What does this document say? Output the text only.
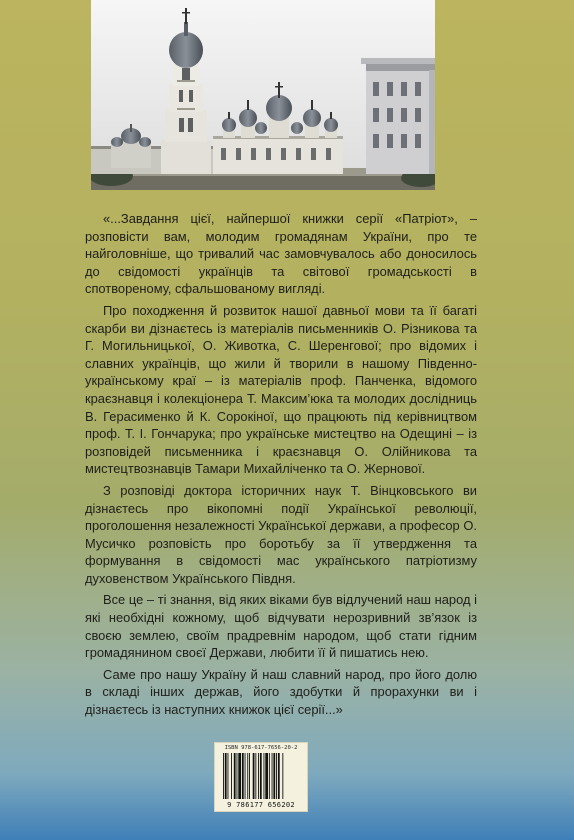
«...Завдання цієї, найпершої книжки серії «Патріот», – розповісти вам, молодим громадянам України, про те найголовніше, що тривалий час замовчувалось або доносилось до свідомості українців та світової громадськості в спотвореному, сфальшованому вигляді.

Про походження й розвиток нашої давньої мови та її багаті скарби ви дізнаєтесь із матеріалів письменників О. Різникова та Г. Могильницької, О. Животка, С. Шеренгової; про відомих і славних українців, що жили й творили в нашому Південно-українському краї – із матеріалів проф. Панченка, відомого краєзнавця і колекціонера Т. Максим’юка та молодих дослідниць В. Герасименко й К. Сорокіної, що працюють під керівництвом проф. Т. І. Гончарука; про українське мистецтво на Одещині – із розповідей письменника і краєзнавця О. Олійникова та мистецтвознавців Тамари Михайліченко та О. Жернової.

З розповіді доктора історичних наук Т. Вінцковського ви дізнаєтесь про вікопомні події Української революції, проголошення незалежності Української держави, а професор О. Мусичко розповість про боротьбу за її утвердження та формування в свідомості мас українського патріотизму духовенством Українського Півдня.

Все це – ті знання, від яких віками був відлучений наш народ і які необхідні кожному, щоб відчувати нерозривний зв’язок із своєю землею, своїм прадревнім народом, щоб стати гідним громадянином своєї Держави, любити її й пишатись нею.

Саме про нашу Україну й наш славний народ, про його долю в складі інших держав, його здобутки й прорахунки ви і дізнаєтесь із наступних книжок цієї серії...»

ISBN 978-617-7656-20-2
9 786177 656202
